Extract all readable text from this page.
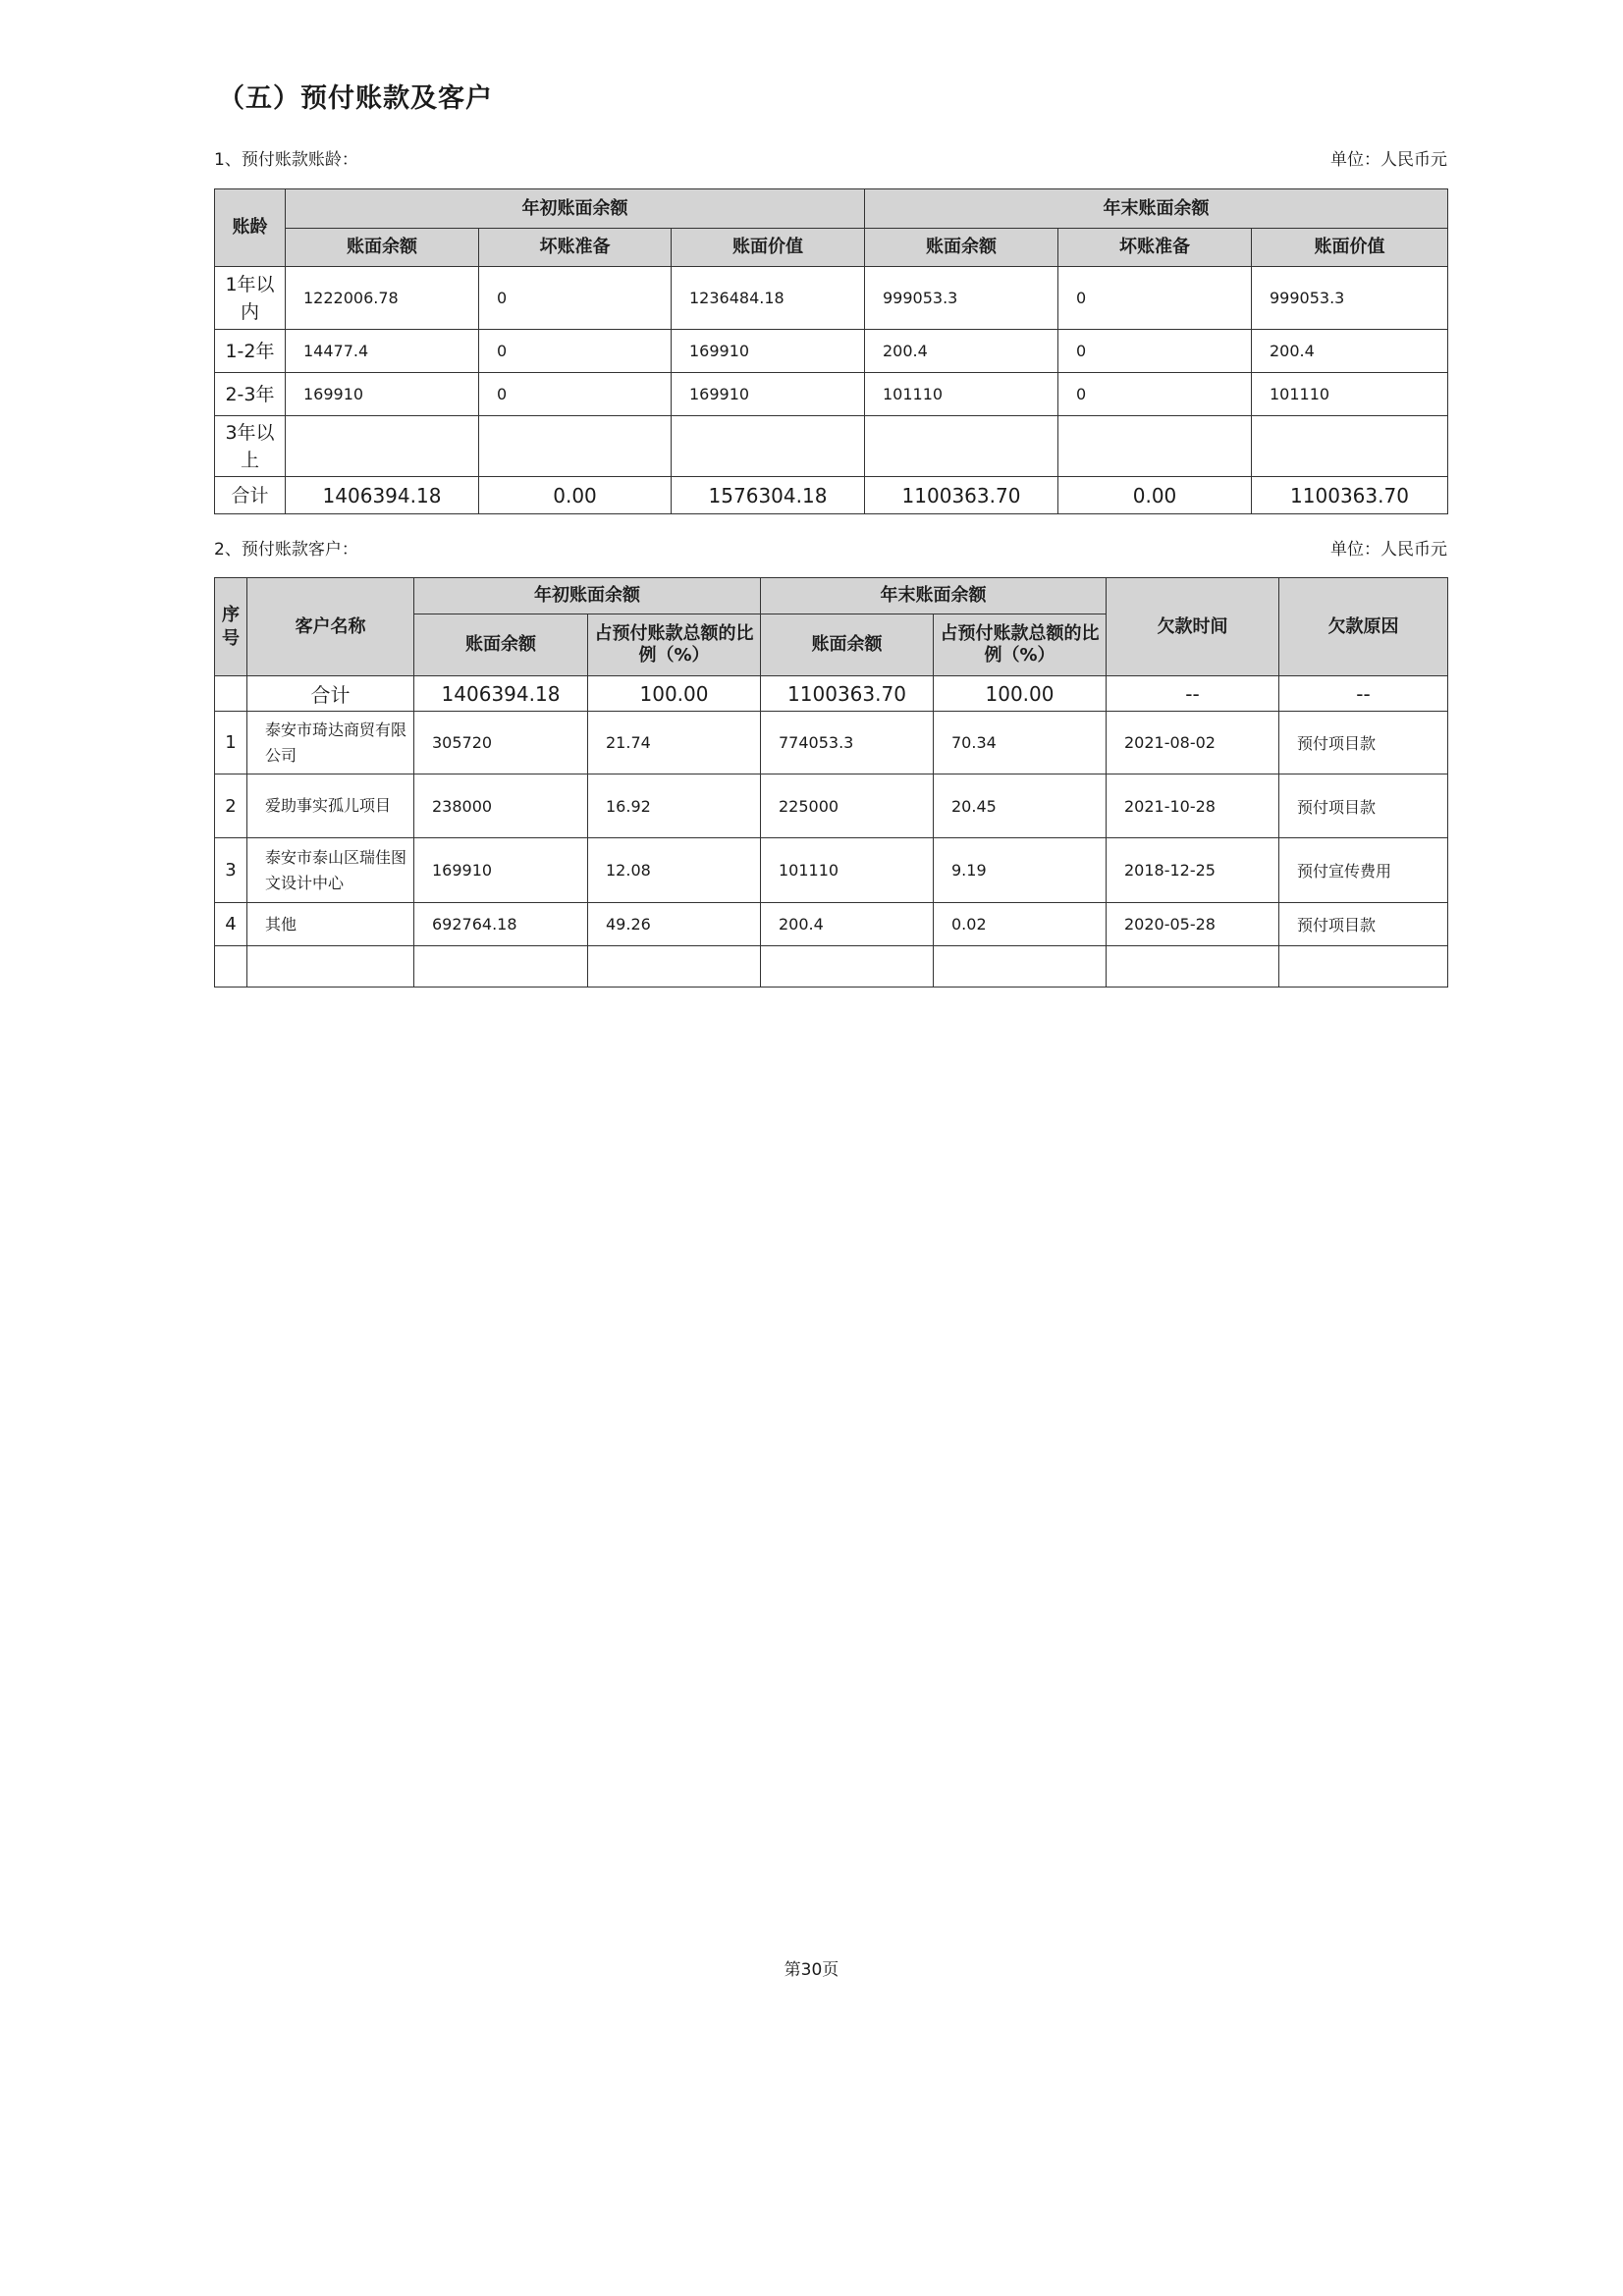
（五）预付账款及客户
1、预付账款账龄：	单位：人民币元
账龄	年初账面余额			年末账面余额		
	账面余额	坏账准备	账面价值	账面余额	坏账准备	账面价值
1年以内	1222006.78	0	1236484.18	999053.3	0	999053.3
1-2年	14477.4	0	169910	200.4	0	200.4
2-3年	169910	0	169910	101110	0	101110
3年以上						
合计	1406394.18	0.00	1576304.18	1100363.70	0.00	1100363.70
2、预付账款客户：	单位：人民币元
序号	客户名称	年初账面余额		年末账面余额		欠款时间	欠款原因
		账面余额	占预付账款总额的比例（%）	账面余额	占预付账款总额的比例（%）		
	合计	1406394.18	100.00	1100363.70	100.00	--	--
1	泰安市琦达商贸有限公司	305720	21.74	774053.3	70.34	2021-08-02	预付项目款
2	爱助事实孤儿项目	238000	16.92	225000	20.45	2021-10-28	预付项目款
3	泰安市泰山区瑞佳图文设计中心	169910	12.08	101110	9.19	2018-12-25	预付宣传费用
4	其他	692764.18	49.26	200.4	0.02	2020-05-28	预付项目款

第30页
